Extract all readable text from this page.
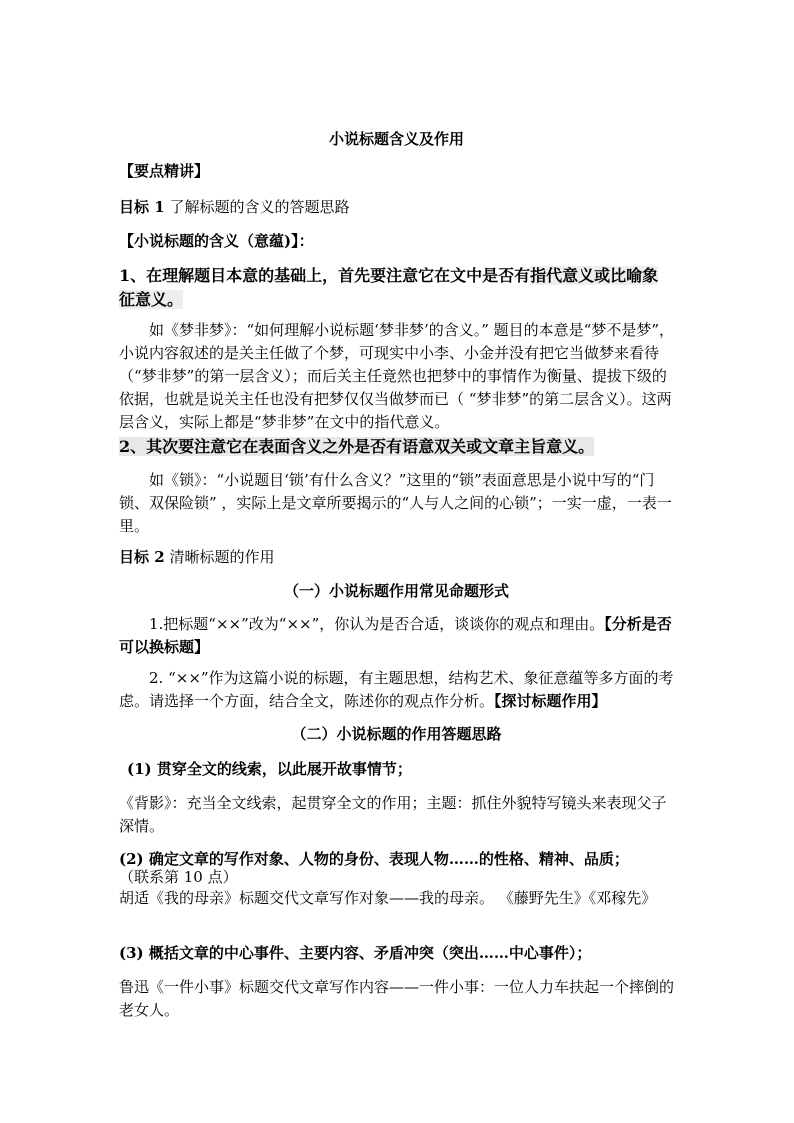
小说标题含义及作用
【要点精讲】
目标 1 了解标题的含义的答题思路
【小说标题的含义（意蕴)】：
1、在理解题目本意的基础上，首先要注意它在文中是否有指代意义或比喻象征意义。
如《梦非梦》：“如何理解小说标题‘梦非梦’的含义。” 题目的本意是“梦不是梦”，小说内容叙述的是关主任做了个梦，可现实中小李、小金并没有把它当做梦来看待（“梦非梦”的第一层含义）；而后关主任竟然也把梦中的事情作为衡量、提拔下级的依据，也就是说关主任也没有把梦仅仅当做梦而已（ “梦非梦”的第二层含义）。这两层含义，实际上都是“梦非梦”在文中的指代意义。
2、其次要注意它在表面含义之外是否有语意双关或文章主旨意义。
如《锁》：“小说题目‘锁’有什么含义？”这里的“锁”表面意思是小说中写的“门锁、双保险锁” ，实际上是文章所要揭示的“人与人之间的心锁”；一实一虚，一表一里。
目标 2 清晰标题的作用
（一）小说标题作用常见命题形式
1.把标题“××”改为“××”，你认为是否合适，谈谈你的观点和理由。【分析是否可以换标题】
2. “××”作为这篇小说的标题，有主题思想，结构艺术、象征意蕴等多方面的考虑。请选择一个方面，结合全文，陈述你的观点作分析。【探讨标题作用】
（二）小说标题的作用答题思路
(1) 贯穿全文的线索，以此展开故事情节；
《背影》：充当全文线索，起贯穿全文的作用；主题：抓住外貌特写镜头来表现父子深情。
(2) 确定文章的写作对象、人物的身份、表现人物……的性格、精神、品质；
（联系第 10 点）
胡适《我的母亲》标题交代文章写作对象——我的母亲。 《藤野先生》《邓稼先》
(3) 概括文章的中心事件、主要内容、矛盾冲突（突出……中心事件）；
鲁迅《一件小事》标题交代文章写作内容——一件小事：一位人力车扶起一个摔倒的老女人。
